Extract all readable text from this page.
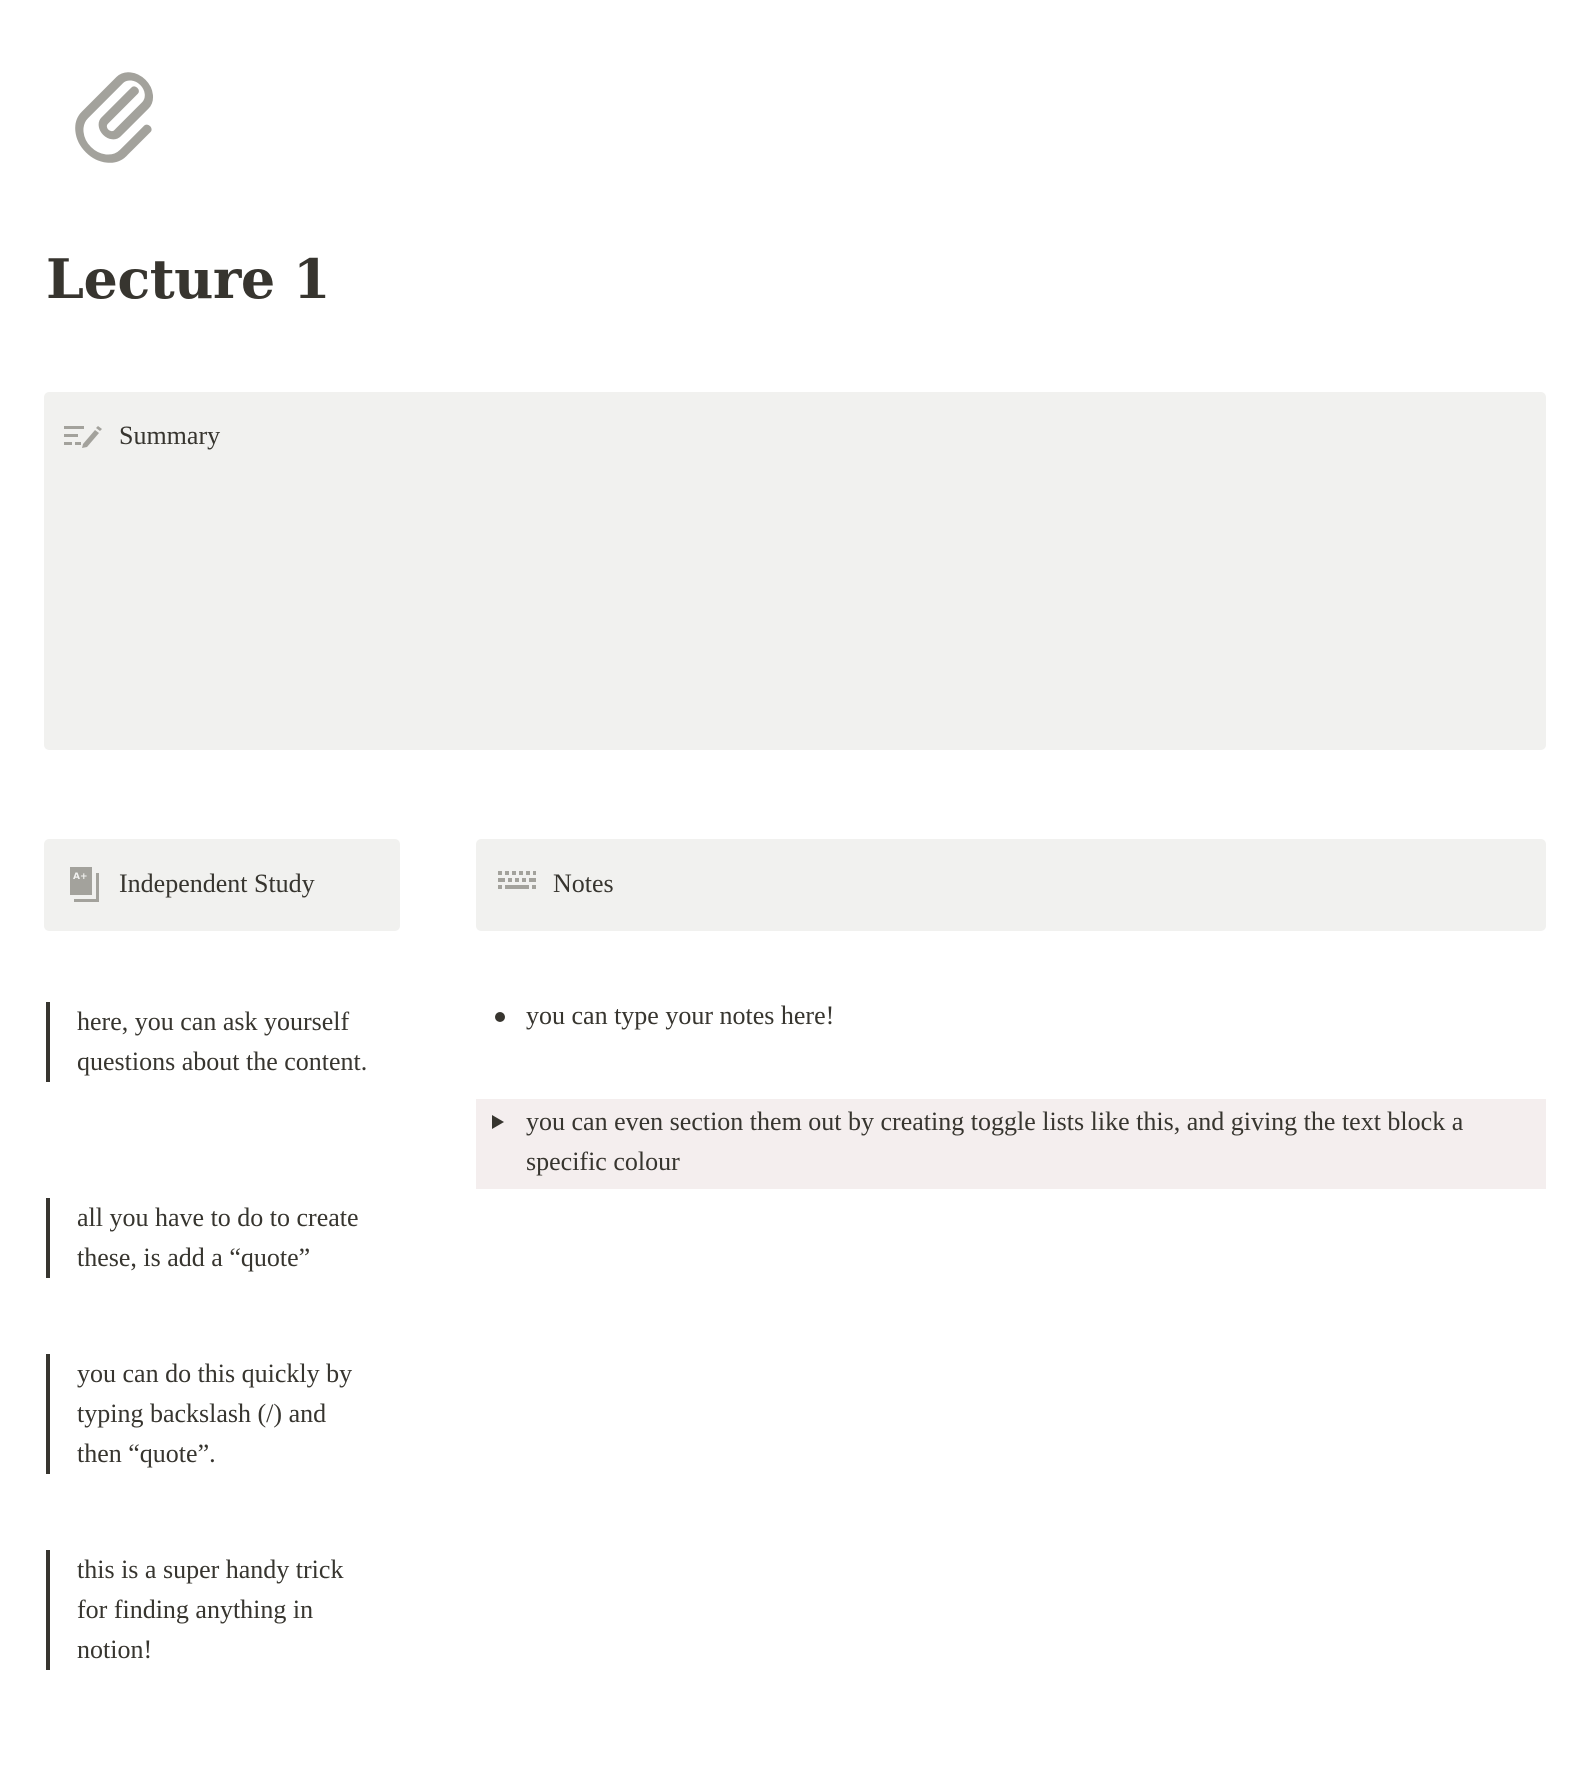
Lecture 1
Summary
A+ Independent Study	Notes
here, you can ask yourself questions about the content.
all you have to do to create these, is add a “quote”
you can do this quickly by typing backslash (/) and then “quote”.
this is a super handy trick for finding anything in notion!
you can type your notes here!
you can even section them out by creating toggle lists like this, and giving the text block a specific colour
